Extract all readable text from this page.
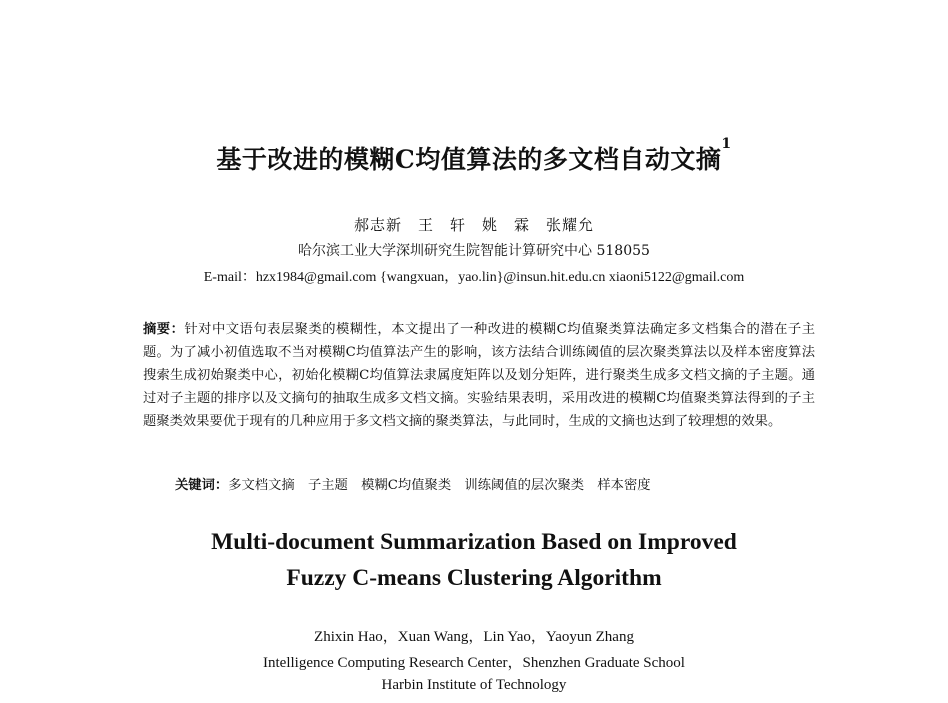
基于改进的模糊C均值算法的多文档自动文摘$^1$
郝志新　王　轩　姚　霖　张耀允
哈尔滨工业大学深圳研究生院智能计算研究中心 518055
E-mail：hzx1984@gmail.com {wangxuan，yao.lin}@insun.hit.edu.cn xiaoni5122@gmail.com
摘要：针对中文语句表层聚类的模糊性，本文提出了一种改进的模糊C均值聚类算法确定多文档集合的潜在子主题。为了减小初值选取不当对模糊C均值算法产生的影响，该方法结合训练阈值的层次聚类算法以及样本密度算法搜索生成初始聚类中心，初始化模糊C均值算法隶属度矩阵以及划分矩阵，进行聚类生成多文档文摘的子主题。通过对子主题的排序以及文摘句的抽取生成多文档文摘。实验结果表明，采用改进的模糊C均值聚类算法得到的子主题聚类效果要优于现有的几种应用于多文档文摘的聚类算法，与此同时，生成的文摘也达到了较理想的效果。
关键词：多文档文摘　子主题　模糊C均值聚类　训练阈值的层次聚类　样本密度
Multi-document Summarization Based on Improved
Fuzzy C-means Clustering Algorithm
Zhixin Hao，Xuan Wang，Lin Yao，Yaoyun Zhang
Intelligence Computing Research Center，Shenzhen Graduate School
Harbin Institute of Technology
